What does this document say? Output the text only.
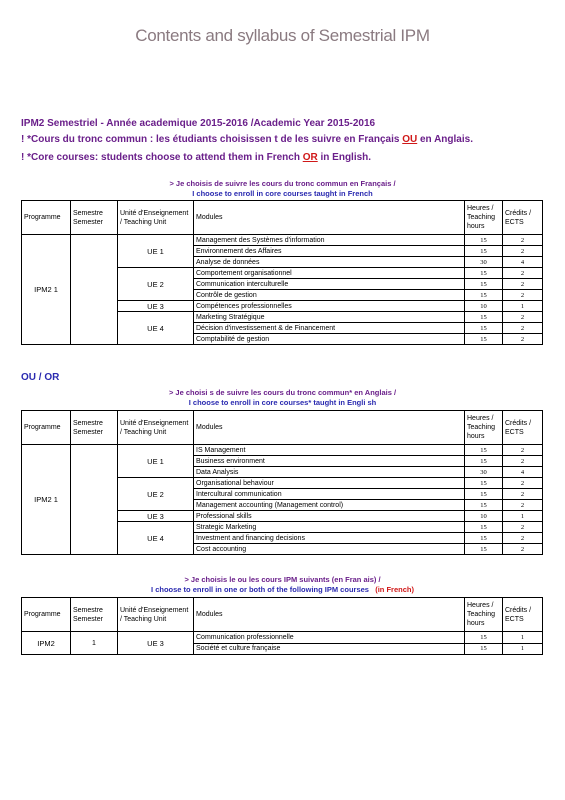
Contents and syllabus of Semestrial IPM
IPM2 Semestriel - Année academique 2015-2016 /Academic Year 2015-2016
! *Cours du tronc commun : les étudiants choisissen t de les suivre en Français OU en Anglais.
! *Core courses: students choose to attend them in French OR in English.
> Je choisis de suivre les cours du tronc commun en Français /
I choose to enroll in core courses taught in French
Programme	Semestre Semester	Unité d'Enseignement / Teaching Unit	Modules	Heures / Teaching hours	Crédits / ECTS
IPM2 1		UE 1	Management des Systèmes d'information	15	2
			Environnement des Affaires	15	2
			Analyse de données	30	4
		UE 2	Comportement organisationnel	15	2
			Communication interculturelle	15	2
			Contrôle de gestion	15	2
		UE 3	Compétences professionnelles	10	1
		UE 4	Marketing Stratégique	15	2
			Décision d'investissement & de Financement	15	2
			Comptabilité de gestion	15	2
OU / OR
> Je choisi s de suivre les cours du tronc commun* en Anglais /
I choose to enroll in core courses* taught in Engli sh
Programme	Semestre Semester	Unité d'Enseignement / Teaching Unit	Modules	Heures / Teaching hours	Crédits / ECTS
IPM2 1		UE 1	IS Management	15	2
			Business environment	15	2
			Data Analysis	30	4
		UE 2	Organisational behaviour	15	2
			Intercultural communication	15	2
			Management accounting (Management control)	15	2
		UE 3	Professional skills	10	1
		UE 4	Strategic Marketing	15	2
			Investment and financing decisions	15	2
			Cost accounting	15	2
> Je choisis le ou les cours IPM suivants (en Fran ais) /
I choose to enroll in one or both of the following IPM courses (in French)
Programme	Semestre Semester	Unité d'Enseignement / Teaching Unit	Modules	Heures / Teaching hours	Crédits / ECTS
IPM2	1	UE 3	Communication professionnelle	15	1
			Société et culture française	15	1
